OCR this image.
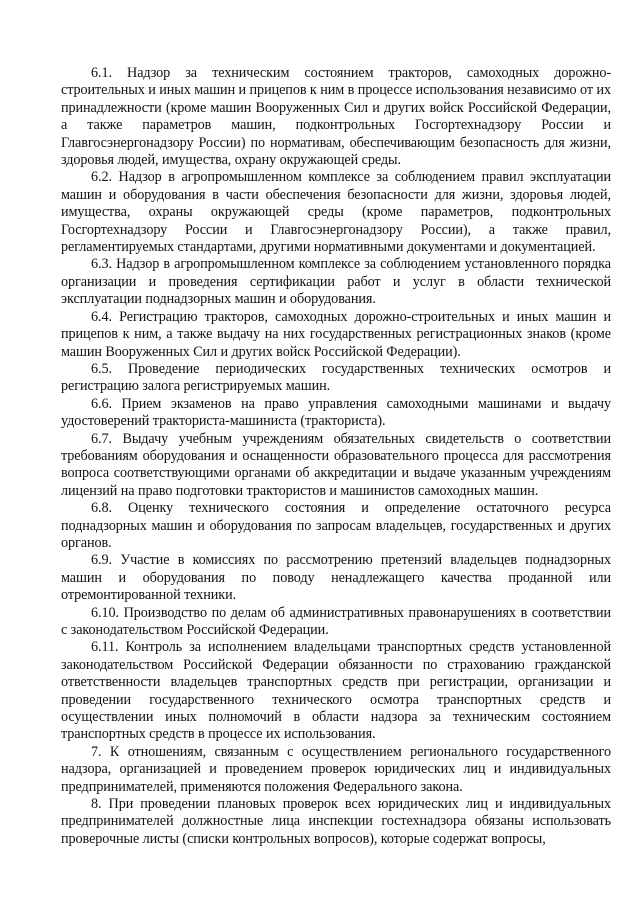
6.1. Надзор за техническим состоянием тракторов, самоходных дорожно-строительных и иных машин и прицепов к ним в процессе использования независимо от их принадлежности (кроме машин Вооруженных Сил и других войск Российской Федерации, а также параметров машин, подконтрольных Госгортехнадзору России и Главгосэнергонадзору России) по нормативам, обеспечивающим безопасность для жизни, здоровья людей, имущества, охрану окружающей среды.

6.2. Надзор в агропромышленном комплексе за соблюдением правил эксплуатации машин и оборудования в части обеспечения безопасности для жизни, здоровья людей, имущества, охраны окружающей среды (кроме параметров, подконтрольных Госгортехнадзору России и Главгосэнергонадзору России), а также правил, регламентируемых стандартами, другими нормативными документами и документацией.

6.3. Надзор в агропромышленном комплексе за соблюдением установленного порядка организации и проведения сертификации работ и услуг в области технической эксплуатации поднадзорных машин и оборудования.

6.4. Регистрацию тракторов, самоходных дорожно-строительных и иных машин и прицепов к ним, а также выдачу на них государственных регистрационных знаков (кроме машин Вооруженных Сил и других войск Российской Федерации).

6.5. Проведение периодических государственных технических осмотров и регистрацию залога регистрируемых машин.

6.6. Прием экзаменов на право управления самоходными машинами и выдачу удостоверений тракториста-машиниста (тракториста).

6.7. Выдачу учебным учреждениям обязательных свидетельств о соответствии требованиям оборудования и оснащенности образовательного процесса для рассмотрения вопроса соответствующими органами об аккредитации и выдаче указанным учреждениям лицензий на право подготовки трактористов и машинистов самоходных машин.

6.8. Оценку технического состояния и определение остаточного ресурса поднадзорных машин и оборудования по запросам владельцев, государственных и других органов.

6.9. Участие в комиссиях по рассмотрению претензий владельцев поднадзорных машин и оборудования по поводу ненадлежащего качества проданной или отремонтированной техники.

6.10. Производство по делам об административных правонарушениях в соответствии с законодательством Российской Федерации.

6.11. Контроль за исполнением владельцами транспортных средств установленной законодательством Российской Федерации обязанности по страхованию гражданской ответственности владельцев транспортных средств при регистрации, организации и проведении государственного технического осмотра транспортных средств и осуществлении иных полномочий в области надзора за техническим состоянием транспортных средств в процессе их использования.

7. К отношениям, связанным с осуществлением регионального государственного надзора, организацией и проведением проверок юридических лиц и индивидуальных предпринимателей, применяются положения Федерального закона.

8. При проведении плановых проверок всех юридических лиц и индивидуальных предпринимателей должностные лица инспекции гостехнадзора обязаны использовать проверочные листы (списки контрольных вопросов), которые содержат вопросы,
